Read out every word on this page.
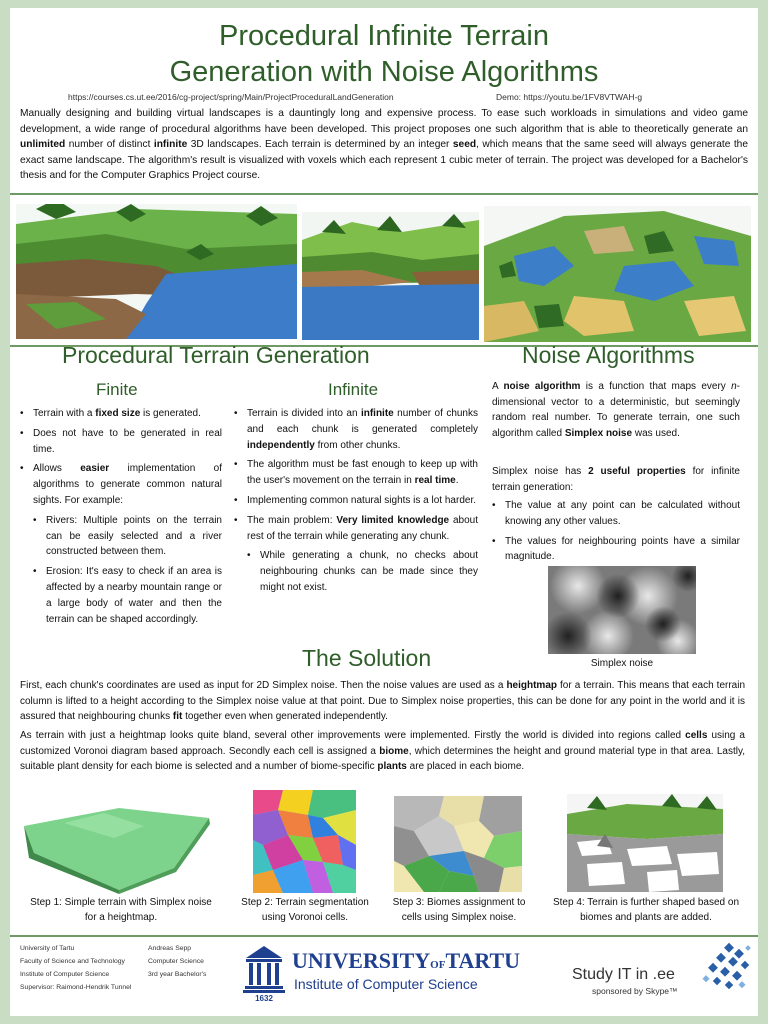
Procedural Infinite Terrain
Generation with Noise Algorithms
https://courses.cs.ut.ee/2016/cg-project/spring/Main/ProjectProceduralLandGeneration	Demo: https://youtu.be/1FV8VTWAH-g
Manually designing and building virtual landscapes is a dauntingly long and expensive process. To ease such workloads in simulations and video game development, a wide range of procedural algorithms have been developed. This project proposes one such algorithm that is able to theoretically generate an unlimited number of distinct infinite 3D landscapes. Each terrain is determined by an integer seed, which means that the same seed will always generate the exact same landscape. The algorithm's result is visualized with voxels which each represent 1 cubic meter of terrain. The project was developed for a Bachelor's thesis and for the Computer Graphics Project course.
Procedural Terrain Generation
Finite	Infinite
• Terrain with a fixed size is generated.
• Does not have to be generated in real time.
• Allows easier implementation of algorithms to generate common natural sights. For example:
• Rivers: Multiple points on the terrain can be easily selected and a river constructed between them.
• Erosion: It's easy to check if an area is affected by a nearby mountain range or a large body of water and then the terrain can be shaped accordingly.
• Terrain is divided into an infinite number of chunks and each chunk is generated completely independently from other chunks.
• The algorithm must be fast enough to keep up with the user's movement on the terrain in real time.
• Implementing common natural sights is a lot harder.
• The main problem: Very limited knowledge about rest of the terrain while generating any chunk.
• While generating a chunk, no checks about neighbouring chunks can be made since they might not exist.
Noise Algorithms
A noise algorithm is a function that maps every n-dimensional vector to a deterministic, but seemingly random real number. To generate terrain, one such algorithm called Simplex noise was used.
Simplex noise has 2 useful properties for infinite terrain generation:
• The value at any point can be calculated without knowing any other values.
• The values for neighbouring points have a similar magnitude.
Simplex noise
The Solution
First, each chunk's coordinates are used as input for 2D Simplex noise. Then the noise values are used as a heightmap for a terrain. This means that each terrain column is lifted to a height according to the Simplex noise value at that point. Due to Simplex noise properties, this can be done for any point in the world and it is assured that neighbouring chunks fit together even when generated independently.
As terrain with just a heightmap looks quite bland, several other improvements were implemented. Firstly the world is divided into regions called cells using a customized Voronoi diagram based approach. Secondly each cell is assigned a biome, which determines the height and ground material type in that area. Lastly, suitable plant density for each biome is selected and a number of biome-specific plants are placed in each biome.
Step 1: Simple terrain with Simplex noise for a heightmap.
Step 2: Terrain segmentation using Voronoi cells.
Step 3: Biomes assignment to cells using Simplex noise.
Step 4: Terrain is further shaped based on biomes and plants are added.
University of Tartu
Faculty of Science and Technology
Institute of Computer Science
Supervisor: Raimond-Hendrik Tunnel
Andreas Sepp
Computer Science
3rd year Bachelor's
1632
UNIVERSITYOFTARTU
Institute of Computer Science
Study IT in .ee
sponsored by Skype™
